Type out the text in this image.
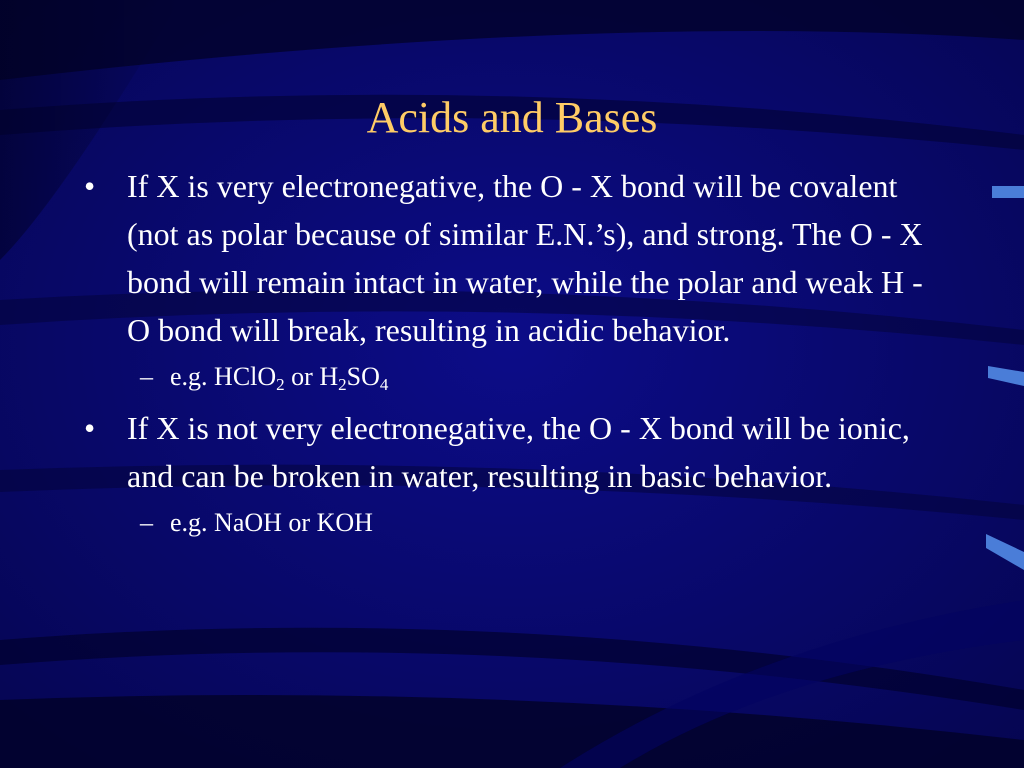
Acids and Bases
• If X is very electronegative, the O - X bond will be covalent (not as polar because of similar E.N.’s), and strong. The O - X bond will remain intact in water, while the polar and weak H - O bond will break, resulting in acidic behavior.
– e.g. HClO$_2$ or $H_2SO_4$
• If X is not very electronegative, the O - X bond will be ionic, and can be broken in water, resulting in basic behavior.
– e.g. NaOH or KOH
